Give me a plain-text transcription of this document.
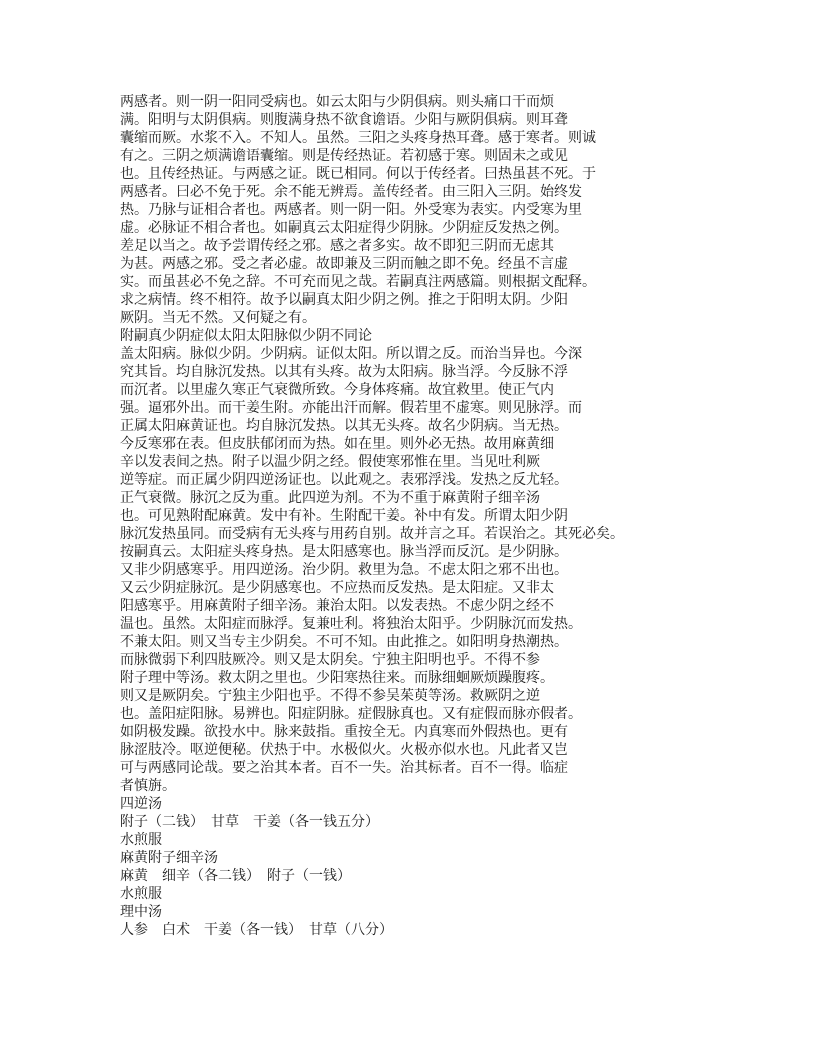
两感者。则一阴一阳同受病也。如云太阳与少阴俱病。则头痛口干而烦
满。阳明与太阴俱病。则腹满身热不欲食谵语。少阳与厥阴俱病。则耳聋
囊缩而厥。水浆不入。不知人。虽然。三阳之头疼身热耳聋。感于寒者。则诚
有之。三阴之烦满谵语囊缩。则是传经热证。若初感于寒。则固未之或见
也。且传经热证。与两感之证。既已相同。何以于传经者。曰热虽甚不死。于
两感者。曰必不免于死。余不能无辨焉。盖传经者。由三阳入三阴。始终发
热。乃脉与证相合者也。两感者。则一阴一阳。外受寒为表实。内受寒为里
虚。必脉证不相合者也。如嗣真云太阳症得少阴脉。少阴症反发热之例。
差足以当之。故予尝谓传经之邪。感之者多实。故不即犯三阴而无虑其
为甚。两感之邪。受之者必虚。故即兼及三阴而触之即不免。经虽不言虚
实。而虽甚必不免之辞。不可充而见之哉。若嗣真注两感篇。则根据文配释。
求之病情。终不相符。故予以嗣真太阳少阴之例。推之于阳明太阴。少阳
厥阴。当无不然。又何疑之有。
附嗣真少阴症似太阳太阳脉似少阴不同论
盖太阳病。脉似少阴。少阴病。证似太阳。所以谓之反。而治当异也。今深
究其旨。均自脉沉发热。以其有头疼。故为太阳病。脉当浮。今反脉不浮
而沉者。以里虚久寒正气衰微所致。今身体疼痛。故宜救里。使正气内
强。逼邪外出。而干姜生附。亦能出汗而解。假若里不虚寒。则见脉浮。而
正属太阳麻黄证也。均自脉沉发热。以其无头疼。故名少阴病。当无热。
今反寒邪在表。但皮肤郁闭而为热。如在里。则外必无热。故用麻黄细
辛以发表间之热。附子以温少阴之经。假使寒邪惟在里。当见吐利厥
逆等症。而正属少阴四逆汤证也。以此观之。表邪浮浅。发热之反尤轻。
正气衰微。脉沉之反为重。此四逆为剂。不为不重于麻黄附子细辛汤
也。可见熟附配麻黄。发中有补。生附配干姜。补中有发。所谓太阳少阴
脉沉发热虽同。而受病有无头疼与用药自别。故并言之耳。若误治之。其死必矣。
按嗣真云。太阳症头疼身热。是太阳感寒也。脉当浮而反沉。是少阴脉。
又非少阴感寒乎。用四逆汤。治少阴。救里为急。不虑太阳之邪不出也。
又云少阴症脉沉。是少阴感寒也。不应热而反发热。是太阳症。又非太
阳感寒乎。用麻黄附子细辛汤。兼治太阳。以发表热。不虑少阴之经不
温也。虽然。太阳症而脉浮。复兼吐利。将独治太阳乎。少阴脉沉而发热。
不兼太阳。则又当专主少阴矣。不可不知。由此推之。如阳明身热潮热。
而脉微弱下利四肢厥冷。则又是太阴矣。宁独主阳明也乎。不得不参
附子理中等汤。救太阴之里也。少阳寒热往来。而脉细蛔厥烦躁腹疼。
则又是厥阴矣。宁独主少阳也乎。不得不参吴茱萸等汤。救厥阴之逆
也。盖阳症阳脉。易辨也。阳症阴脉。症假脉真也。又有症假而脉亦假者。
如阴极发躁。欲投水中。脉来鼓指。重按全无。内真寒而外假热也。更有
脉涩肢冷。呕逆便秘。伏热于中。水极似火。火极亦似水也。凡此者又岂
可与两感同论哉。要之治其本者。百不一失。治其标者。百不一得。临症
者慎旃。
四逆汤
附子（二钱）　甘草　干姜（各一钱五分）
水煎服
麻黄附子细辛汤
麻黄　细辛（各二钱）　附子（一钱）
水煎服
理中汤
人参　白术　干姜（各一钱）　甘草（八分）
